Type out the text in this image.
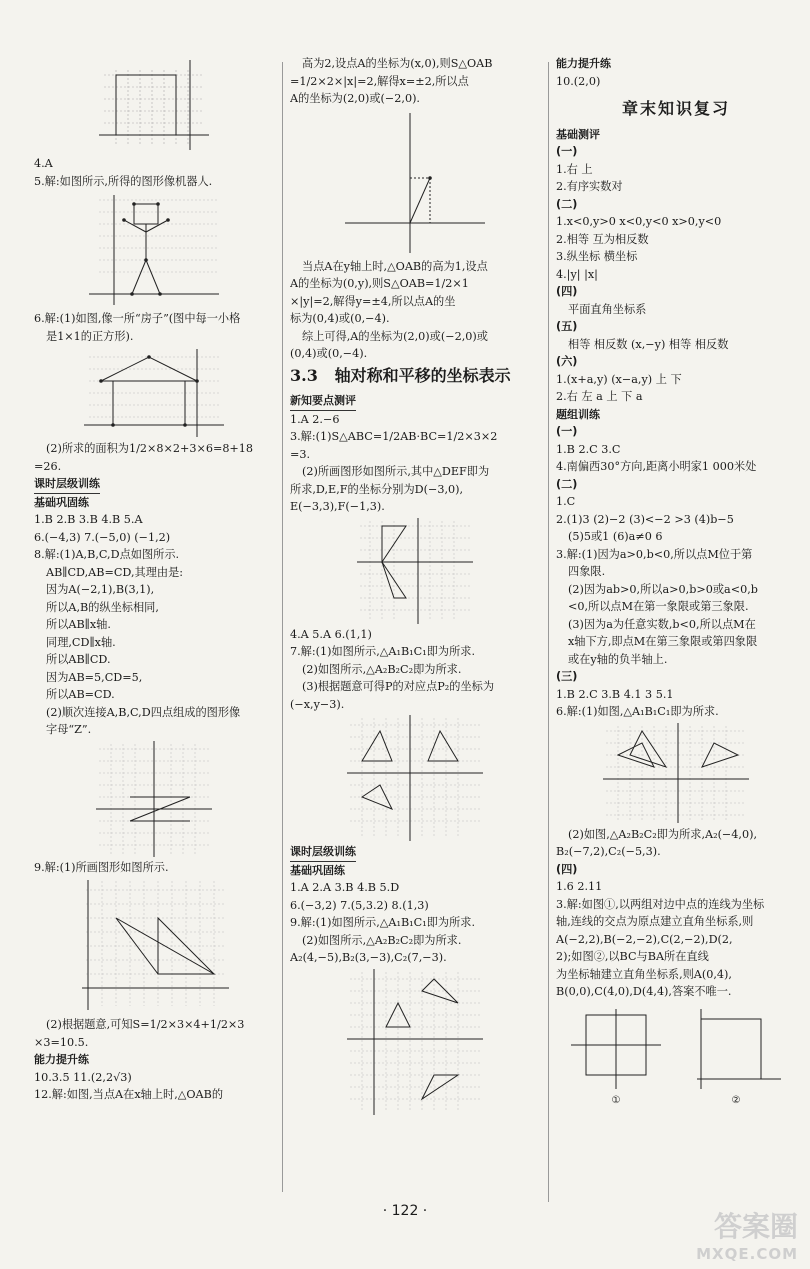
4.A
5.解:如图所示,所得的图形像机器人.
6.解:(1)如图,像一所“房子”(图中每一小格
是1×1的正方形).
(2)所求的面积为1/2×8×2+3×6=8+18
=26.
课时层级训练
基础巩固练
1.B 2.B 3.B 4.B 5.A
6.(−4,3) 7.(−5,0) (−1,2)
8.解:(1)A,B,C,D点如图所示.
AB∥CD,AB=CD,其理由是:
因为A(−2,1),B(3,1),
所以A,B的纵坐标相同,
所以AB∥x轴.
同理,CD∥x轴.
所以AB∥CD.
因为AB=5,CD=5,
所以AB=CD.
(2)顺次连接A,B,C,D四点组成的图形像
字母“Z”.
9.解:(1)所画图形如图所示.
(2)根据题意,可知S=1/2×3×4+1/2×3
×3=10.5.
能力提升练
10.3.5 11.(2,2√3)
12.解:如图,当点A在x轴上时,△OAB的
高为2,设点A的坐标为(x,0),则S△OAB
=1/2×2×|x|=2,解得x=±2,所以点
A的坐标为(2,0)或(−2,0).
当点A在y轴上时,△OAB的高为1,设点
A的坐标为(0,y),则S△OAB=1/2×1
×|y|=2,解得y=±4,所以点A的坐
标为(0,4)或(0,−4).
综上可得,A的坐标为(2,0)或(−2,0)或
(0,4)或(0,−4).
3.3 轴对称和平移的坐标表示
新知要点测评
1.A 2.−6
3.解:(1)S△ABC=1/2AB·BC=1/2×3×2
=3.
(2)所画图形如图所示,其中△DEF即为
所求,D,E,F的坐标分别为D(−3,0),
E(−3,3),F(−1,3).
4.A 5.A 6.(1,1)
7.解:(1)如图所示,△A₁B₁C₁即为所求.
(2)如图所示,△A₂B₂C₂即为所求.
(3)根据题意可得P的对应点P₂的坐标为
(−x,y−3).
课时层级训练
基础巩固练
1.A 2.A 3.B 4.B 5.D
6.(−3,2) 7.(5,3.2) 8.(1,3)
9.解:(1)如图所示,△A₁B₁C₁即为所求.
(2)如图所示,△A₂B₂C₂即为所求.
A₂(4,−5),B₂(3,−3),C₂(7,−3).
能力提升练
10.(2,0)
章末知识复习
基础测评
(一)
1.右 上
2.有序实数对
(二)
1.x<0,y>0 x<0,y<0 x>0,y<0
2.相等 互为相反数
3.纵坐标 横坐标
4.|y| |x|
(四)
平面直角坐标系
(五)
相等 相反数 (x,−y) 相等 相反数
(六)
1.(x+a,y) (x−a,y) 上 下
2.右 左 a 上 下 a
题组训练
(一)
1.B 2.C 3.C
4.南偏西30°方向,距离小明家1 000米处
(二)
1.C
2.(1)3 (2)−2 (3)<−2 >3 (4)b−5
(5)5或1 (6)a≠0 6
3.解:(1)因为a>0,b<0,所以点M位于第
四象限.
(2)因为ab>0,所以a>0,b>0或a<0,b
<0,所以点M在第一象限或第三象限.
(3)因为a为任意实数,b<0,所以点M在
x轴下方,即点M在第三象限或第四象限
或在y轴的负半轴上.
(三)
1.B 2.C 3.B 4.1 3 5.1
6.解:(1)如图,△A₁B₁C₁即为所求.
(2)如图,△A₂B₂C₂即为所求,A₂(−4,0),
B₂(−7,2),C₂(−5,3).
(四)
1.6 2.11
3.解:如图①,以两组对边中点的连线为坐标
轴,连线的交点为原点建立直角坐标系,则
A(−2,2),B(−2,−2),C(2,−2),D(2,
2);如图②,以BC与BA所在直线
为坐标轴建立直角坐标系,则A(0,4),
B(0,0),C(4,0),D(4,4),答案不唯一.
①	②
· 122 ·	答案圈
MXQE.COM
